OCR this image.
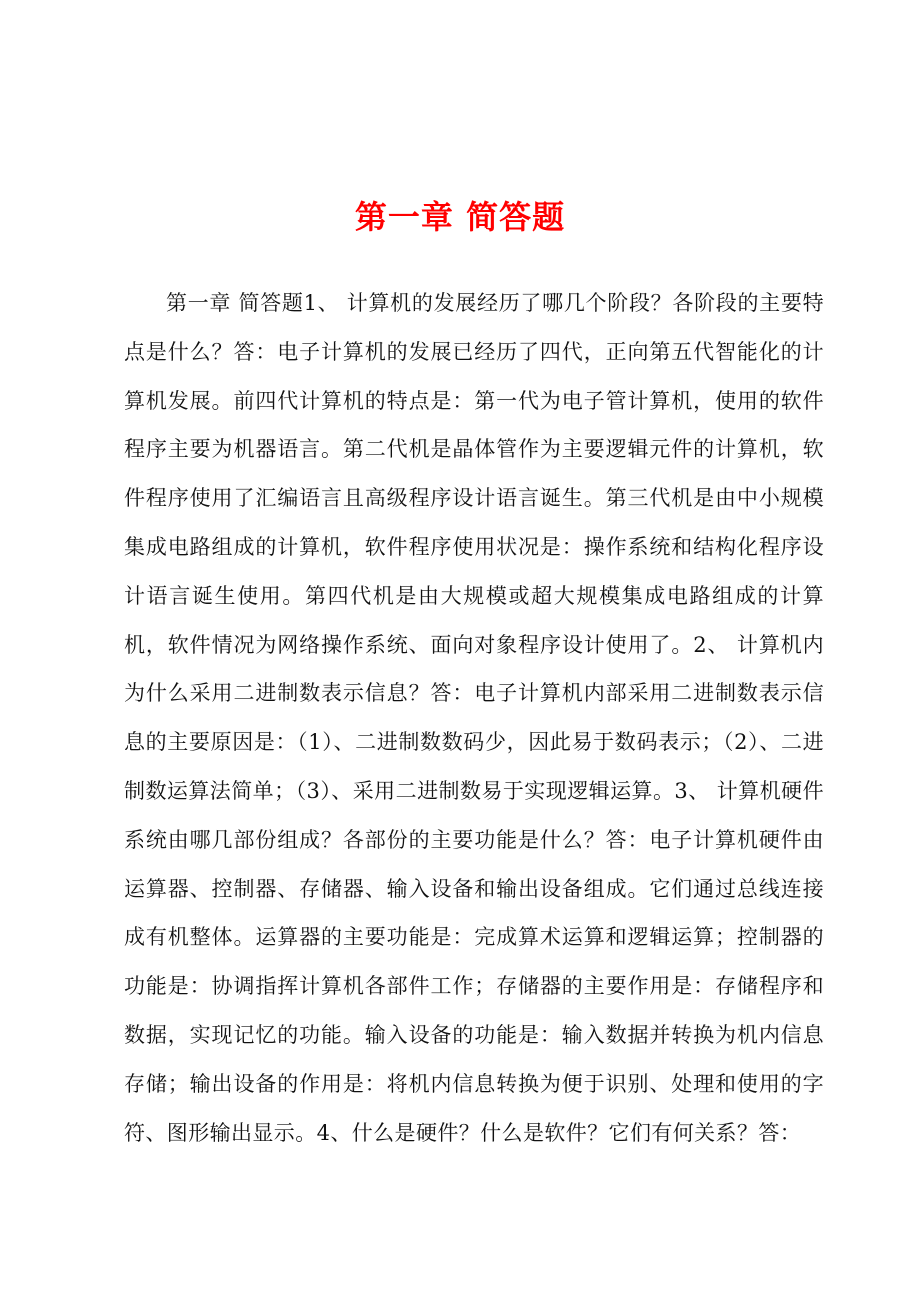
第一章 简答题

第一章 简答题1、 计算机的发展经历了哪几个阶段？各阶段的主要特点是什么？答：电子计算机的发展已经历了四代，正向第五代智能化的计算机发展。前四代计算机的特点是：第一代为电子管计算机，使用的软件程序主要为机器语言。第二代机是晶体管作为主要逻辑元件的计算机，软件程序使用了汇编语言且高级程序设计语言诞生。第三代机是由中小规模集成电路组成的计算机，软件程序使用状况是：操作系统和结构化程序设计语言诞生使用。第四代机是由大规模或超大规模集成电路组成的计算机，软件情况为网络操作系统、面向对象程序设计使用了。2、 计算机内为什么采用二进制数表示信息？答：电子计算机内部采用二进制数表示信息的主要原因是：（1）、二进制数数码少，因此易于数码表示；（2）、二进制数运算法简单；（3）、采用二进制数易于实现逻辑运算。3、 计算机硬件系统由哪几部份组成？各部份的主要功能是什么？答：电子计算机硬件由运算器、控制器、存储器、输入设备和输出设备组成。它们通过总线连接成有机整体。运算器的主要功能是：完成算术运算和逻辑运算；控制器的功能是：协调指挥计算机各部件工作；存储器的主要作用是：存储程序和数据，实现记忆的功能。输入设备的功能是：输入数据并转换为机内信息存储；输出设备的作用是：将机内信息转换为便于识别、处理和使用的字符、图形输出显示。4、什么是硬件？什么是软件？它们有何关系？答：
